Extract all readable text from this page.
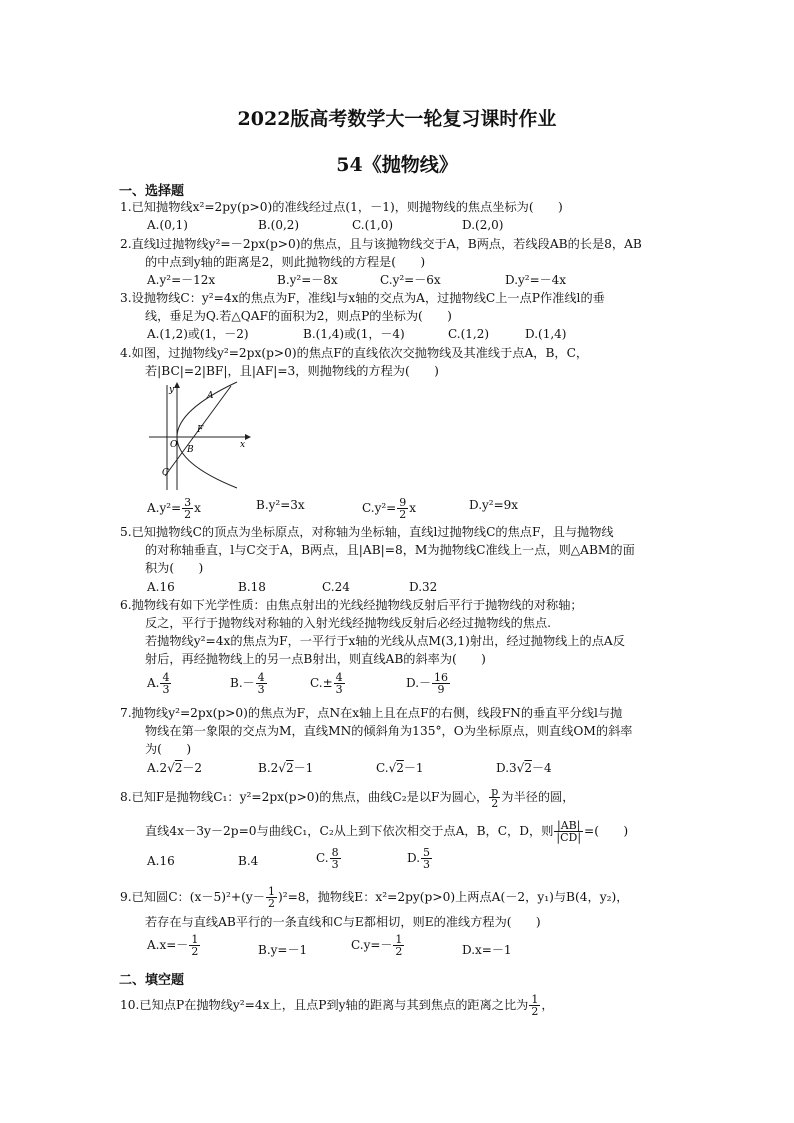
2022版高考数学大一轮复习课时作业
54《抛物线》
一、选择题
1.已知抛物线x²=2py(p>0)的准线经过点(1，－1)，则抛物线的焦点坐标为(　　)
A.(0,1)	B.(0,2)	C.(1,0)	D.(2,0)
2.直线l过抛物线y²=－2px(p>0)的焦点，且与该抛物线交于A，B两点，若线段AB的长是8，AB
的中点到y轴的距离是2，则此抛物线的方程是(　　)
A.y²=－12x	B.y²=－8x	C.y²=－6x	D.y²=－4x
3.设抛物线C：y²=4x的焦点为F，准线l与x轴的交点为A，过抛物线C上一点P作准线l的垂
线，垂足为Q.若△QAF的面积为2，则点P的坐标为(　　)
A.(1,2)或(1，－2)	B.(1,4)或(1，－4)	C.(1,2)	D.(1,4)
4.如图，过抛物线y²=2px(p>0)的焦点F的直线依次交抛物线及其准线于点A，B，C，
若|BC|=2|BF|，且|AF|=3，则抛物线的方程为(　　)
y
x
O
A
B
C
F
$A.y^2= \frac{3}{2}$ x	B.y²=3x	$C.y^2= \frac{9}{2}$ x	D.y²=9x
5.已知抛物线C的顶点为坐标原点，对称轴为坐标轴，直线l过抛物线C的焦点F，且与抛物线
的对称轴垂直，l与C交于A，B两点，且|AB|=8，M为抛物线C准线上一点，则△ABM的面
积为(　　)
A.16	B.18	C.24	D.32
6.抛物线有如下光学性质：由焦点射出的光线经抛物线反射后平行于抛物线的对称轴；
反之，平行于抛物线对称轴的入射光线经抛物线反射后必经过抛物线的焦点.
若抛物线y²=4x的焦点为F，一平行于x轴的光线从点M(3,1)射出，经过抛物线上的点A反
射后，再经抛物线上的另一点B射出，则直线AB的斜率为(　　)
A. $\frac{4}{3}$	$B.- \frac{4}{3}$	$C.\pm \frac{4}{3}$	$D.- \frac{16}{9}$
7.抛物线y²=2px(p>0)的焦点为F，点N在x轴上且在点F的右侧，线段FN的垂直平分线l与抛
物线在第一象限的交点为M，直线MN的倾斜角为135°，O为坐标原点，则直线OM的斜率
为(　　)
A.2√2－2	B.2√2－1	C.√2－1	D.3√2－4
8.已知F是抛物线C₁：y²=2px(p>0)的焦点，曲线C₂是以F为圆心， $\frac{p}{2}$ 为半径的圆，
直线4x－3y－2p=0与曲线C₁，C₂从上到下依次相交于点A，B，C，D，则 $\frac{|AB|}{|CD|}$ =(　　)
A.16	B.4	C. $\frac{8}{3}$	D. $\frac{5}{3}$
9.已知圆C：$(x-5)^2+(y- \frac{1}{2} )^2=8$，抛物线E：x²=2py(p>0)上两点A(－2，y₁)与B(4，y₂)，
若存在与直线AB平行的一条直线和C与E都相切，则E的准线方程为(　　)
$A.x=- \frac{1}{2}$	B.y=－1	$C.y=- \frac{1}{2}$	D.x=－1
二、填空题
10.已知点P在抛物线y²=4x上，且点P到y轴的距离与其到焦点的距离之比为 $\frac{1}{2}$ ，
